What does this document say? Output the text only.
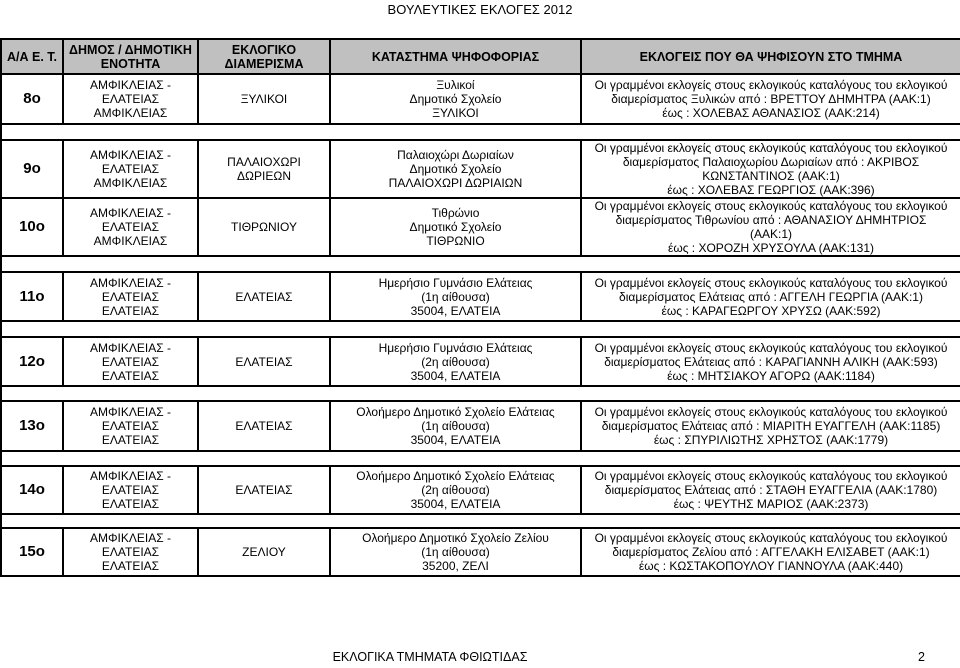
ΒΟΥΛΕΥΤΙΚΕΣ ΕΚΛΟΓΕΣ 2012
Α/Α Ε. Τ.	ΔΗΜΟΣ / ΔΗΜΟΤΙΚΗ ΕΝΟΤΗΤΑ	ΕΚΛΟΓΙΚΟ ΔΙΑΜΕΡΙΣΜΑ	ΚΑΤΑΣΤΗΜΑ ΨΗΦΟΦΟΡΙΑΣ	ΕΚΛΟΓΕΙΣ ΠΟΥ ΘΑ ΨΗΦΙΣΟΥΝ ΣΤΟ ΤΜΗΜΑ
8ο	ΑΜΦΙΚΛΕΙΑΣ -
ΕΛΑΤΕΙΑΣ
ΑΜΦΙΚΛΕΙΑΣ	ΞΥΛΙΚΟΙ	Ξυλικοί
Δημοτικό Σχολείο
ΞΥΛΙΚΟΙ	Οι γραμμένοι εκλογείς στους εκλογικούς καταλόγους του εκλογικού
διαμερίσματος Ξυλικών από : ΒΡΕΤΤΟΥ ΔΗΜΗΤΡΑ (ΑΑΚ:1)
έως : ΧΟΛΕΒΑΣ ΑΘΑΝΑΣΙΟΣ (ΑΑΚ:214)

9ο	ΑΜΦΙΚΛΕΙΑΣ -
ΕΛΑΤΕΙΑΣ
ΑΜΦΙΚΛΕΙΑΣ	ΠΑΛΑΙΟΧΩΡΙ ΔΩΡΙΕΩΝ	Παλαιοχώρι Δωριαίων
Δημοτικό Σχολείο
ΠΑΛΑΙΟΧΩΡΙ ΔΩΡΙΑΙΩΝ	Οι γραμμένοι εκλογείς στους εκλογικούς καταλόγους του εκλογικού
διαμερίσματος Παλαιοχωρίου Δωριαίων από : ΑΚΡΙΒΟΣ
ΚΩΝΣΤΑΝΤΙΝΟΣ (ΑΑΚ:1)
έως : ΧΟΛΕΒΑΣ ΓΕΩΡΓΙΟΣ (ΑΑΚ:396)

10ο	ΑΜΦΙΚΛΕΙΑΣ -
ΕΛΑΤΕΙΑΣ
ΑΜΦΙΚΛΕΙΑΣ	ΤΙΘΡΩΝΙΟΥ	Τιθρώνιο
Δημοτικό Σχολείο
ΤΙΘΡΩΝΙΟ	Οι γραμμένοι εκλογείς στους εκλογικούς καταλόγους του εκλογικού
διαμερίσματος Τιθρωνίου από : ΑΘΑΝΑΣΙΟΥ ΔΗΜΗΤΡΙΟΣ
(ΑΑΚ:1)
έως : ΧΟΡΟΖΗ ΧΡΥΣΟΥΛΑ (ΑΑΚ:131)

11ο	ΑΜΦΙΚΛΕΙΑΣ -
ΕΛΑΤΕΙΑΣ
ΕΛΑΤΕΙΑΣ	ΕΛΑΤΕΙΑΣ	Ημερήσιο Γυμνάσιο Ελάτειας
(1η αίθουσα)
35004, ΕΛΑΤΕΙΑ	Οι γραμμένοι εκλογείς στους εκλογικούς καταλόγους του εκλογικού
διαμερίσματος Ελάτειας από : ΑΓΓΕΛΗ ΓΕΩΡΓΙΑ (ΑΑΚ:1)
έως : ΚΑΡΑΓΕΩΡΓΟΥ ΧΡΥΣΩ (ΑΑΚ:592)

12ο	ΑΜΦΙΚΛΕΙΑΣ -
ΕΛΑΤΕΙΑΣ
ΕΛΑΤΕΙΑΣ	ΕΛΑΤΕΙΑΣ	Ημερήσιο Γυμνάσιο Ελάτειας
(2η αίθουσα)
35004, ΕΛΑΤΕΙΑ	Οι γραμμένοι εκλογείς στους εκλογικούς καταλόγους του εκλογικού
διαμερίσματος Ελάτειας από : ΚΑΡΑΓΙΑΝΝΗ ΑΛΙΚΗ (ΑΑΚ:593)
έως : ΜΗΤΣΙΑΚΟΥ ΑΓΟΡΩ (ΑΑΚ:1184)

13ο	ΑΜΦΙΚΛΕΙΑΣ -
ΕΛΑΤΕΙΑΣ
ΕΛΑΤΕΙΑΣ	ΕΛΑΤΕΙΑΣ	Ολοήμερο Δημοτικό Σχολείο Ελάτειας
(1η αίθουσα)
35004, ΕΛΑΤΕΙΑ	Οι γραμμένοι εκλογείς στους εκλογικούς καταλόγους του εκλογικού
διαμερίσματος Ελάτειας από : ΜΙΑΡΙΤΗ ΕΥΑΓΓΕΛΗ (ΑΑΚ:1185)
έως : ΣΠΥΡΙΛΙΩΤΗΣ ΧΡΗΣΤΟΣ (ΑΑΚ:1779)

14ο	ΑΜΦΙΚΛΕΙΑΣ -
ΕΛΑΤΕΙΑΣ
ΕΛΑΤΕΙΑΣ	ΕΛΑΤΕΙΑΣ	Ολοήμερο Δημοτικό Σχολείο Ελάτειας
(2η αίθουσα)
35004, ΕΛΑΤΕΙΑ	Οι γραμμένοι εκλογείς στους εκλογικούς καταλόγους του εκλογικού
διαμερίσματος Ελάτειας από : ΣΤΑΘΗ ΕΥΑΓΓΕΛΙΑ (ΑΑΚ:1780)
έως : ΨΕΥΤΗΣ ΜΑΡΙΟΣ (ΑΑΚ:2373)

15ο	ΑΜΦΙΚΛΕΙΑΣ -
ΕΛΑΤΕΙΑΣ
ΕΛΑΤΕΙΑΣ	ΖΕΛΙΟΥ	Ολοήμερο Δημοτικό Σχολείο Ζελίου
(1η αίθουσα)
35200, ΖΕΛΙ	Οι γραμμένοι εκλογείς στους εκλογικούς καταλόγους του εκλογικού
διαμερίσματος Ζελίου από : ΑΓΓΕΛΑΚΗ ΕΛΙΣΑΒΕΤ (ΑΑΚ:1)
έως : ΚΩΣΤΑΚΟΠΟΥΛΟΥ ΓΙΑΝΝΟΥΛΑ (ΑΑΚ:440)
ΕΚΛΟΓΙΚΑ ΤΜΗΜΑΤΑ ΦΘΙΩΤΙΔΑΣ	2
